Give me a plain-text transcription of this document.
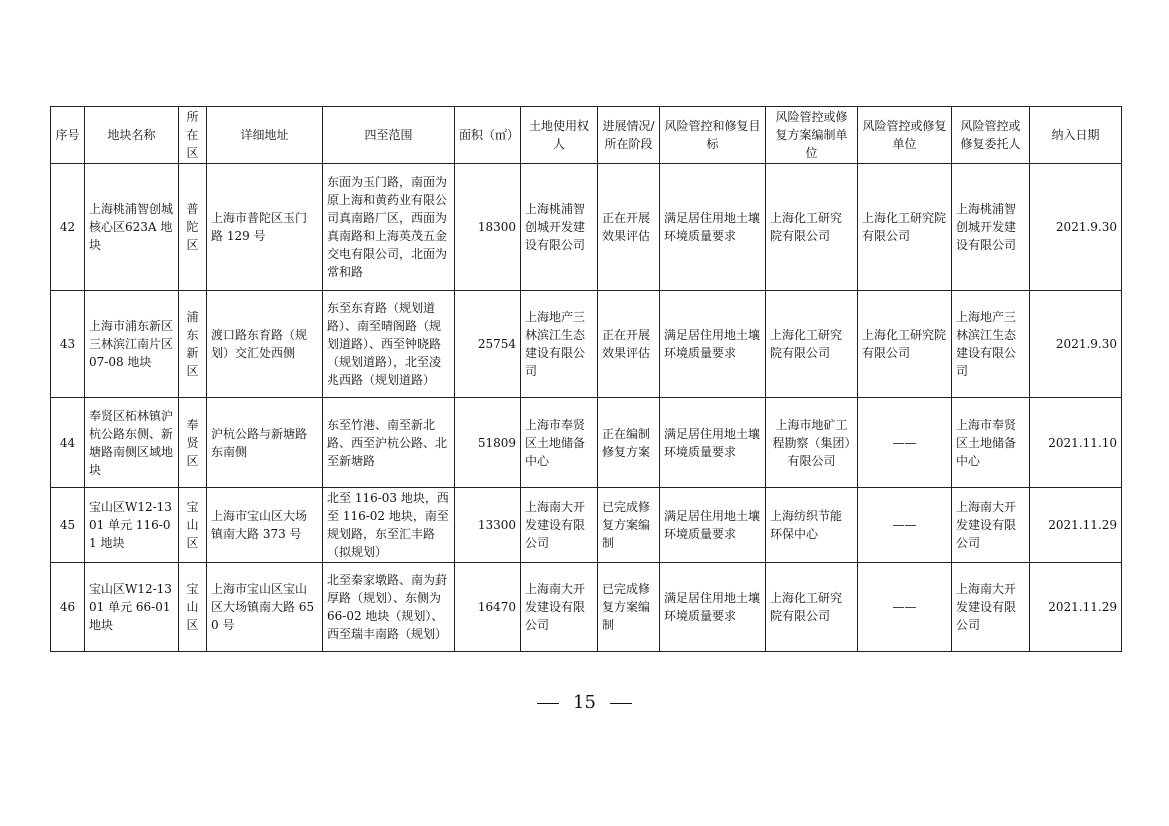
序号	地块名称	所在区	详细地址	四至范围	面积（㎡）	土地使用权人	进展情况/所在阶段	风险管控和修复目标	风险管控或修复方案编制单位	风险管控或修复单位	风险管控或修复委托人	纳入日期
42	上海桃浦智创城核心区623A 地块	普陀区	上海市普陀区玉门路 129 号	东面为玉门路，南面为原上海和黄药业有限公司真南路厂区，西面为真南路和上海英茂五金交电有限公司，北面为常和路	18300	上海桃浦智创城开发建设有限公司	正在开展效果评估	满足居住用地土壤环境质量要求	上海化工研究院有限公司	上海化工研究院有限公司	上海桃浦智创城开发建设有限公司	2021.9.30
43	上海市浦东新区三林滨江南片区07-08 地块	浦东新区	渡口路东育路（规划）交汇处西侧	东至东育路（规划道路）、南至晴阁路（规划道路）、西至钟晓路（规划道路），北至凌兆西路（规划道路）	25754	上海地产三林滨江生态建设有限公司	正在开展效果评估	满足居住用地土壤环境质量要求	上海化工研究院有限公司	上海化工研究院有限公司	上海地产三林滨江生态建设有限公司	2021.9.30
44	奉贤区柘林镇沪杭公路东侧、新塘路南侧区域地块	奉贤区	沪杭公路与新塘路东南侧	东至竹港、南至新北路、西至沪杭公路、北至新塘路	51809	上海市奉贤区土地储备中心	正在编制修复方案	满足居住用地土壤环境质量要求	上海市地矿工程勘察（集团）有限公司	——	上海市奉贤区土地储备中心	2021.11.10
45	宝山区W12-1301 单元 116-01 地块	宝山区	上海市宝山区大场镇南大路 373 号	北至 116-03 地块，西至 116-02 地块，南至规划路，东至汇丰路（拟规划）	13300	上海南大开发建设有限公司	已完成修复方案编制	满足居住用地土壤环境质量要求	上海纺织节能环保中心	——	上海南大开发建设有限公司	2021.11.29
46	宝山区W12-1301 单元 66-01 地块	宝山区	上海市宝山区宝山区大场镇南大路 650 号	北至秦家墩路、南为葑厚路（规划）、东侧为 66-02 地块（规划）、西至瑞丰南路（规划）	16470	上海南大开发建设有限公司	已完成修复方案编制	满足居住用地土壤环境质量要求	上海化工研究院有限公司	——	上海南大开发建设有限公司	2021.11.29
15
